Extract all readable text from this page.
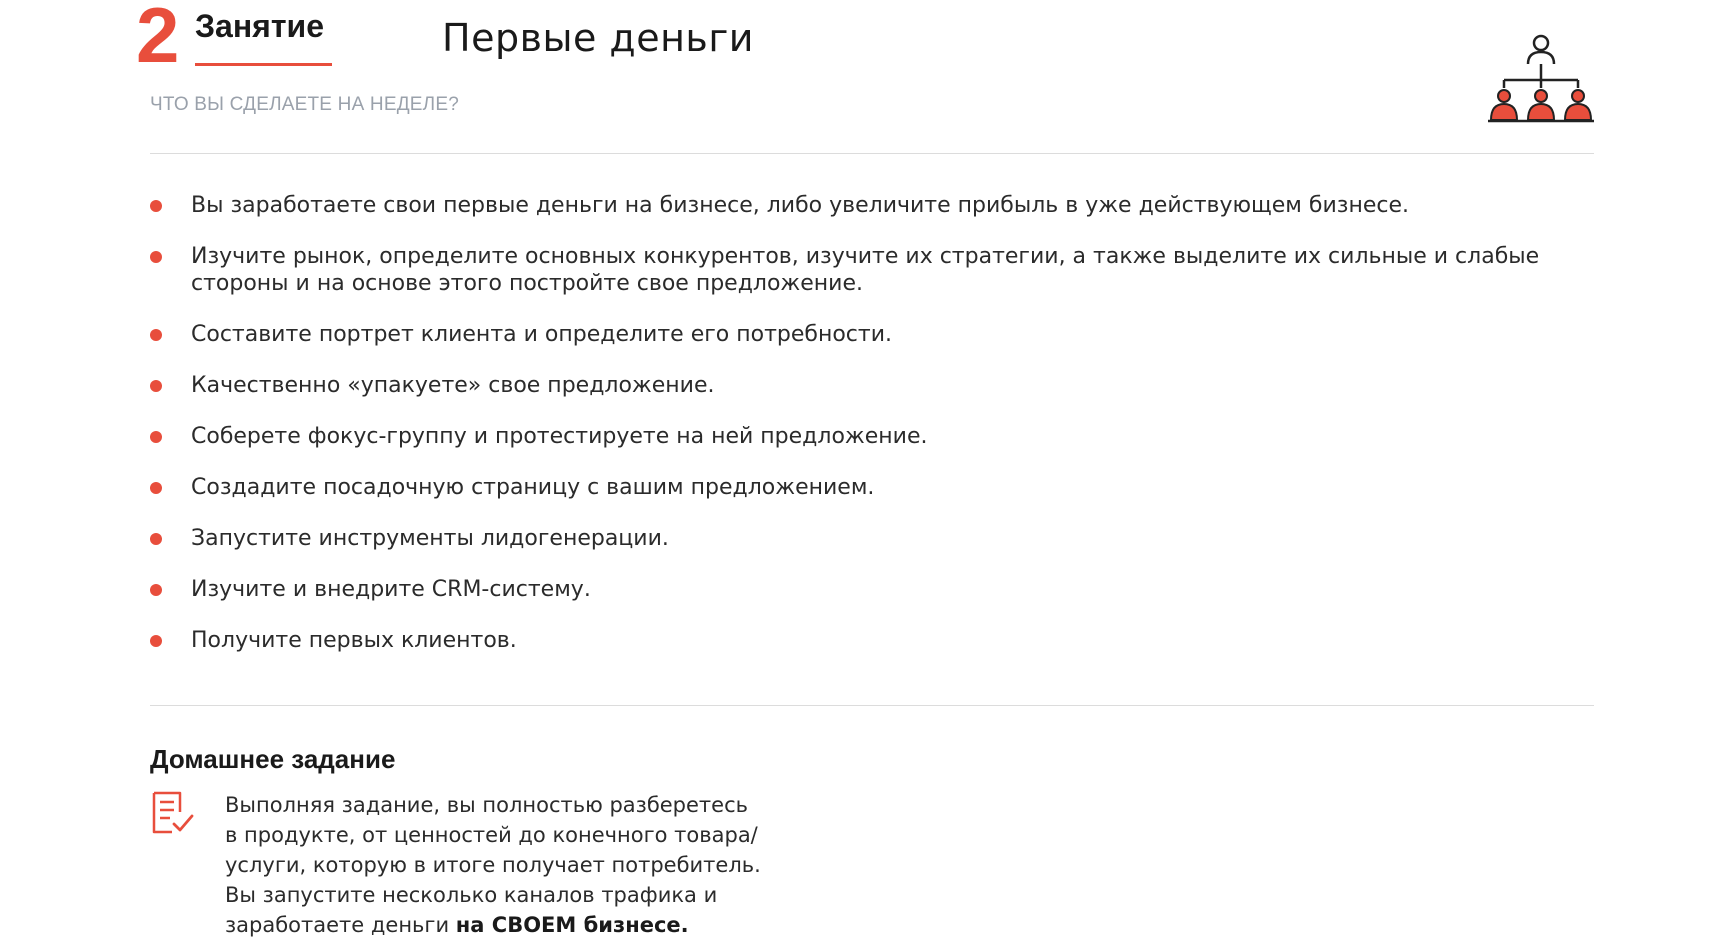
2 Занятие	Первые деньги
ЧТО ВЫ СДЕЛАЕТЕ НА НЕДЕЛЕ?
Вы заработаете свои первые деньги на бизнесе, либо увеличите прибыль в уже действующем бизнесе.
Изучите рынок, определите основных конкурентов, изучите их стратегии, а также выделите их сильные и слабые стороны и на основе этого постройте свое предложение.
Составите портрет клиента и определите его потребности.
Качественно «упакуете» свое предложение.
Соберете фокус-группу и протестируете на ней предложение.
Создадите посадочную страницу с вашим предложением.
Запустите инструменты лидогенерации.
Изучите и внедрите CRM-систему.
Получите первых клиентов.
Домашнее задание
Выполняя задание, вы полностью разберетесь в продукте, от ценностей до конечного товара/ услуги, которую в итоге получает потребитель. Вы запустите несколько каналов трафика и заработаете деньги на СВОЕМ бизнесе.
